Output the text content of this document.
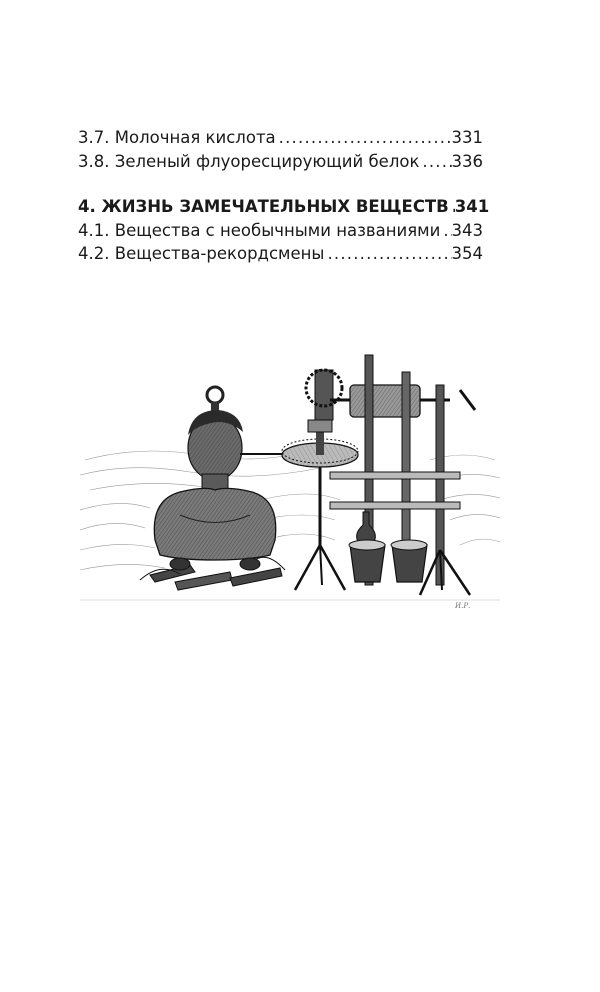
3.7. Молочная кислота .....	331
3.8. Зеленый флуоресцирующий белок ..... 336
4. ЖИЗНЬ ЗАМЕЧАТЕЛЬНЫХ ВЕЩЕСТВ ..... 341
4.1. Вещества с необычными названиями ..... 343
4.2. Вещества-рекордсмены .....	354
И.Р.
